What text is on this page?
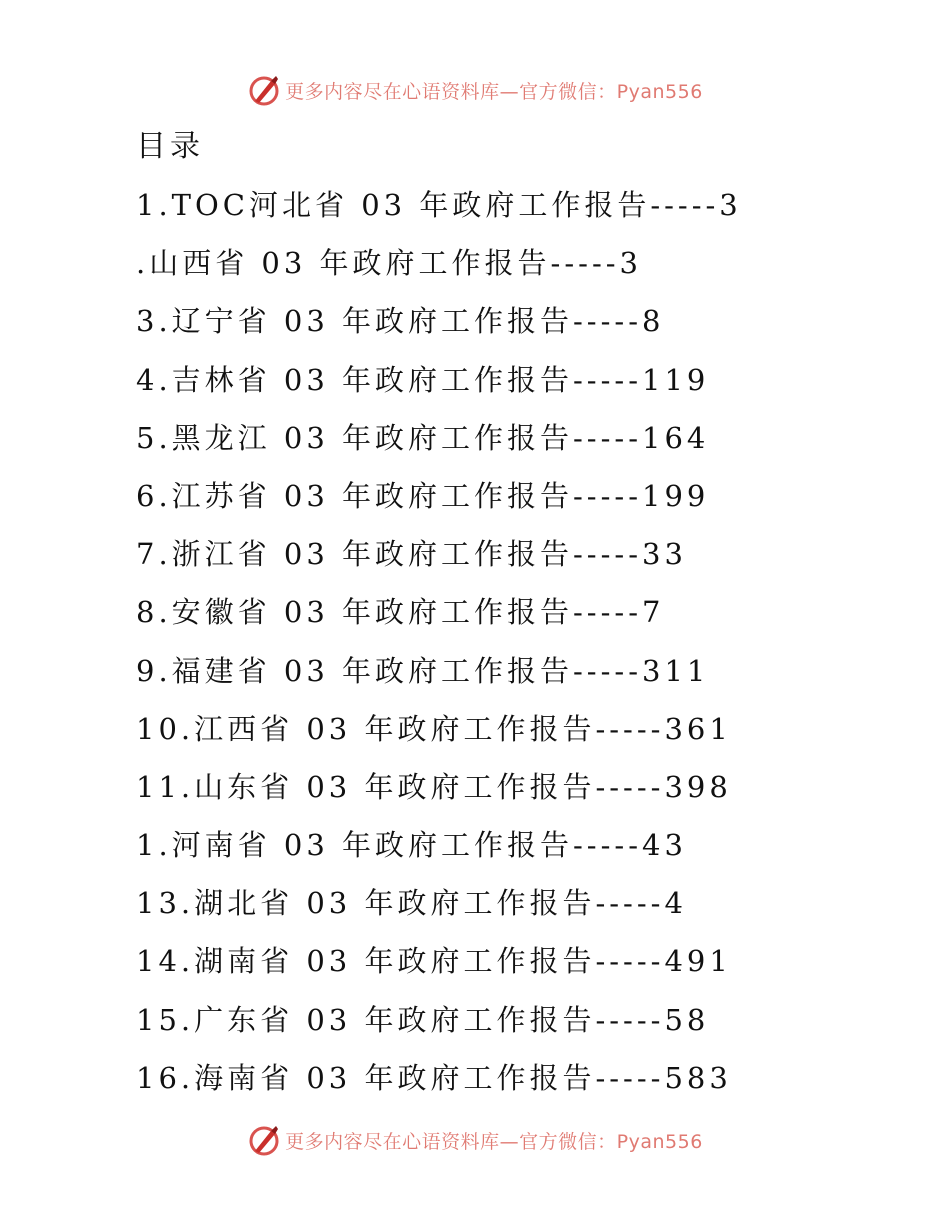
更多内容尽在心语资料库—官方微信：Pyan556
目录
1.TOC河北省 03 年政府工作报告-----3
.山西省 03 年政府工作报告-----3
3.辽宁省 03 年政府工作报告-----8
4.吉林省 03 年政府工作报告-----119
5.黑龙江 03 年政府工作报告-----164
6.江苏省 03 年政府工作报告-----199
7.浙江省 03 年政府工作报告-----33
8.安徽省 03 年政府工作报告-----7
9.福建省 03 年政府工作报告-----311
10.江西省 03 年政府工作报告-----361
11.山东省 03 年政府工作报告-----398
1.河南省 03 年政府工作报告-----43
13.湖北省 03 年政府工作报告-----4
14.湖南省 03 年政府工作报告-----491
15.广东省 03 年政府工作报告-----58
16.海南省 03 年政府工作报告-----583
更多内容尽在心语资料库—官方微信：Pyan556
